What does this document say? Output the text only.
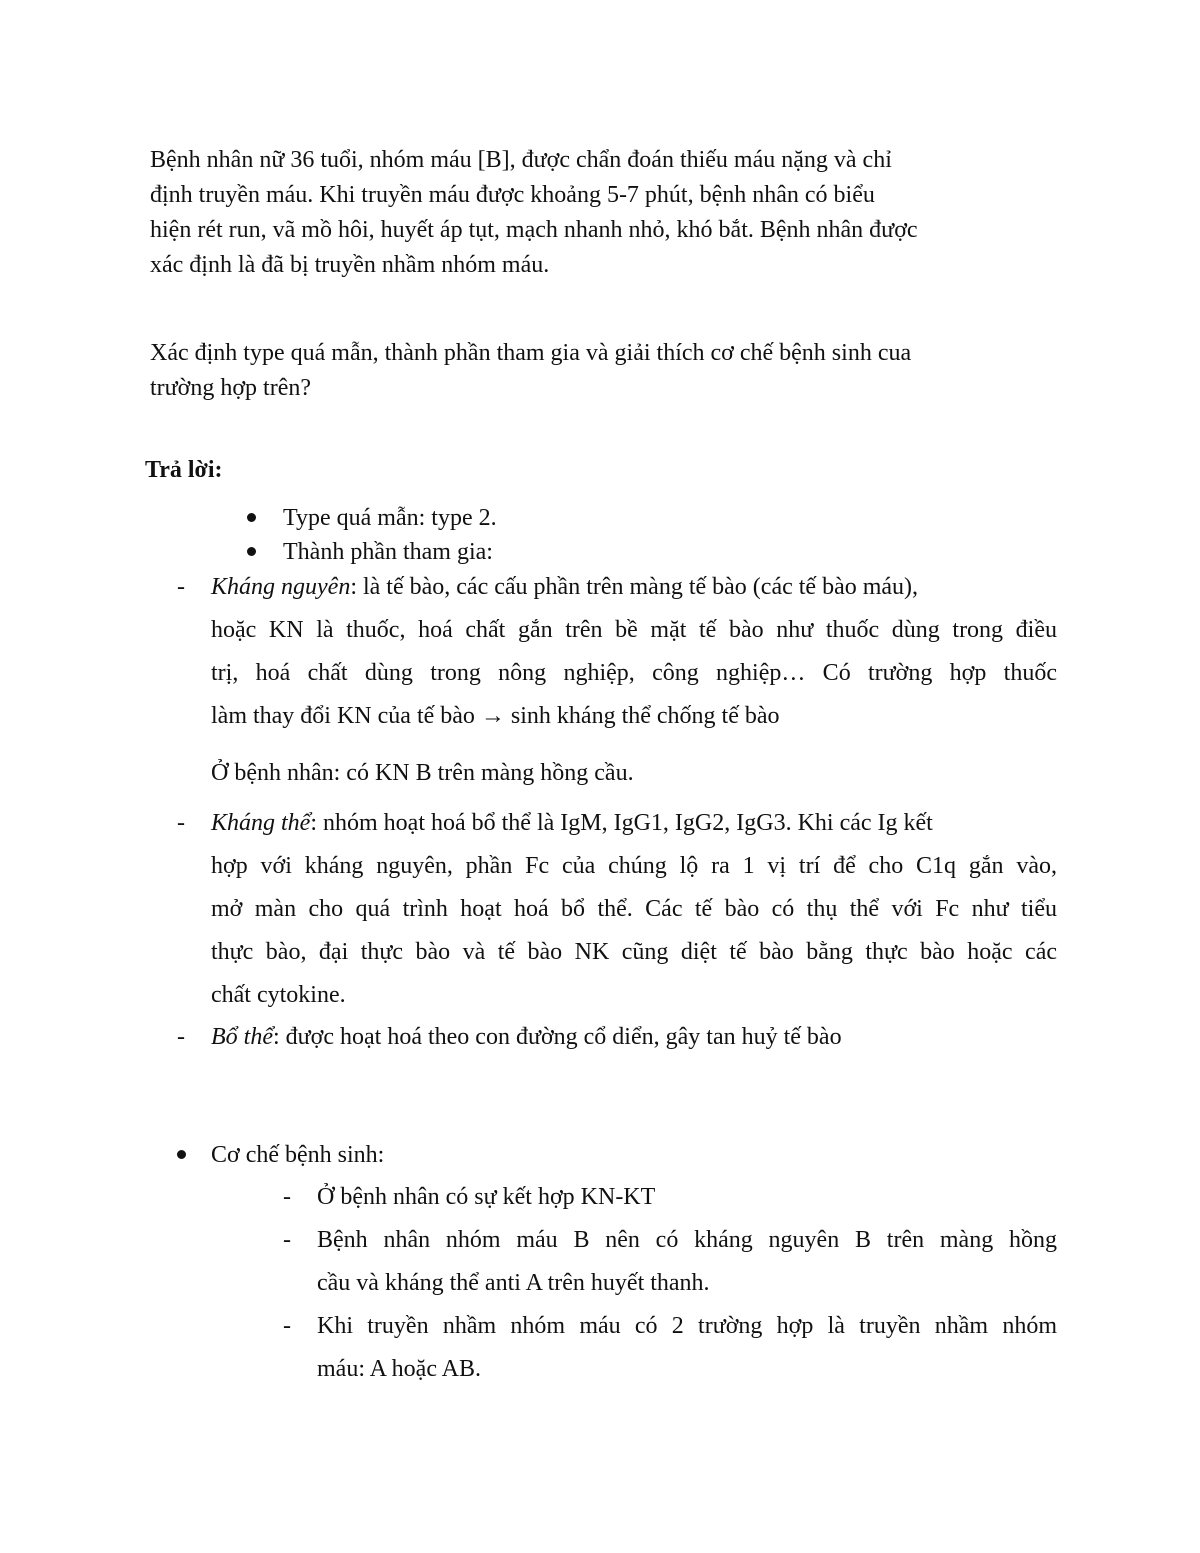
Bệnh nhân nữ 36 tuổi, nhóm máu [B], được chẩn đoán thiếu máu nặng và chỉ
định truyền máu. Khi truyền máu được khoảng 5-7 phút, bệnh nhân có biểu
hiện rét run, vã mồ hôi, huyết áp tụt, mạch nhanh nhỏ, khó bắt. Bệnh nhân được
xác định là đã bị truyền nhầm nhóm máu.
Xác định type quá mẫn, thành phần tham gia và giải thích cơ chế bệnh sinh cua
trường hợp trên?
Trả lời:
Type quá mẫn: type 2.
Thành phần tham gia:
- Kháng nguyên: là tế bào, các cấu phần trên màng tế bào (các tế bào máu),
hoặc KN là thuốc, hoá chất gắn trên bề mặt tế bào như thuốc dùng trong điều
trị, hoá chất dùng trong nông nghiệp, công nghiệp… Có trường hợp thuốc
làm thay đổi KN của tế bào → sinh kháng thể chống tế bào
Ở bệnh nhân: có KN B trên màng hồng cầu.
- Kháng thể: nhóm hoạt hoá bổ thể là IgM, IgG1, IgG2, IgG3. Khi các Ig kết
hợp với kháng nguyên, phần Fc của chúng lộ ra 1 vị trí để cho C1q gắn vào,
mở màn cho quá trình hoạt hoá bổ thể. Các tế bào có thụ thể với Fc như tiểu
thực bào, đại thực bào và tế bào NK cũng diệt tế bào bằng thực bào hoặc các
chất cytokine.
- Bổ thể: được hoạt hoá theo con đường cổ diển, gây tan huỷ tế bào
Cơ chế bệnh sinh:
- Ở bệnh nhân có sự kết hợp KN-KT
- Bệnh nhân nhóm máu B nên có kháng nguyên B trên màng hồng
cầu và kháng thể anti A trên huyết thanh.
- Khi truyền nhầm nhóm máu có 2 trường hợp là truyền nhầm nhóm
máu: A hoặc AB.
